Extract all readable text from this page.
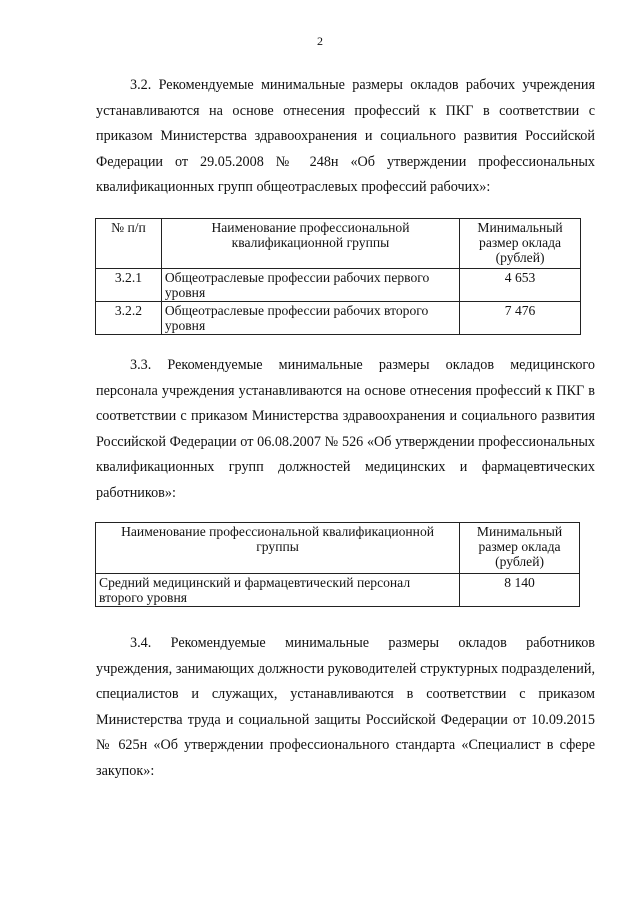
2
3.2. Рекомендуемые минимальные размеры окладов рабочих учреждения устанавливаются на основе отнесения профессий к ПКГ в соответствии с приказом Министерства здравоохранения и социального развития Российской Федерации от 29.05.2008 № 248н «Об утверждении профессиональных квалификационных групп общеотраслевых профессий рабочих»:
№ п/п	Наименование профессиональной квалификационной группы	Минимальный размер оклада (рублей)
3.2.1	Общеотраслевые профессии рабочих первого уровня	4 653
3.2.2	Общеотраслевые профессии рабочих второго уровня	7 476
3.3. Рекомендуемые минимальные размеры окладов медицинского персонала учреждения устанавливаются на основе отнесения профессий к ПКГ в соответствии с приказом Министерства здравоохранения и социального развития Российской Федерации от 06.08.2007 № 526 «Об утверждении профессиональных квалификационных групп должностей медицинских и фармацевтических работников»:
Наименование профессиональной квалификационной группы	Минимальный размер оклада (рублей)
Средний медицинский и фармацевтический персонал второго уровня	8 140
3.4. Рекомендуемые минимальные размеры окладов работников учреждения, занимающих должности руководителей структурных подразделений, специалистов и служащих, устанавливаются в соответствии с приказом Министерства труда и социальной защиты Российской Федерации от 10.09.2015 № 625н «Об утверждении профессионального стандарта «Специалист в сфере закупок»:
